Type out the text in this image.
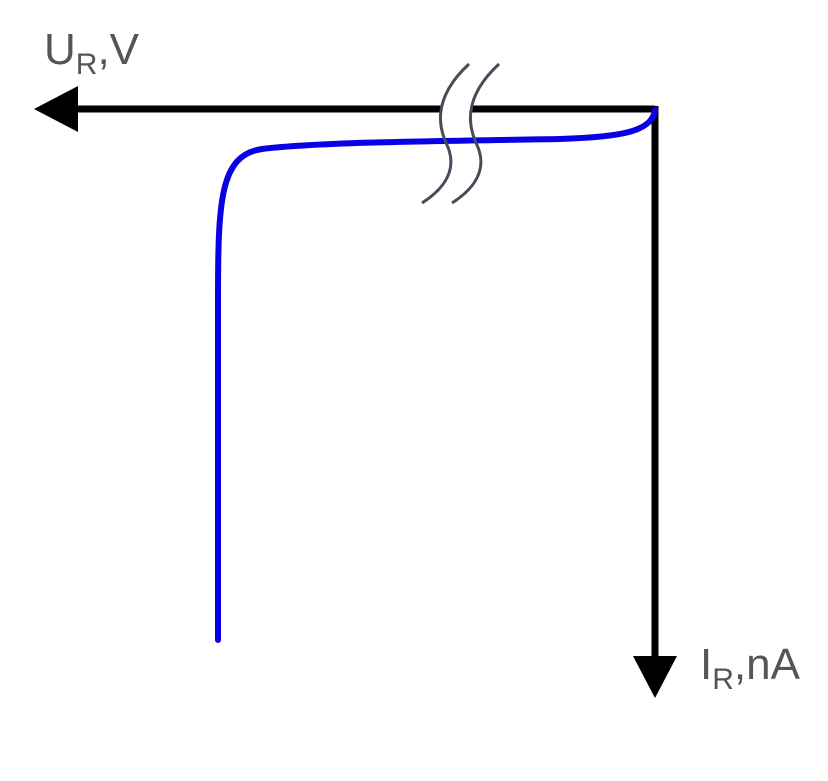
$U_R,V$
$I_R,nA$
